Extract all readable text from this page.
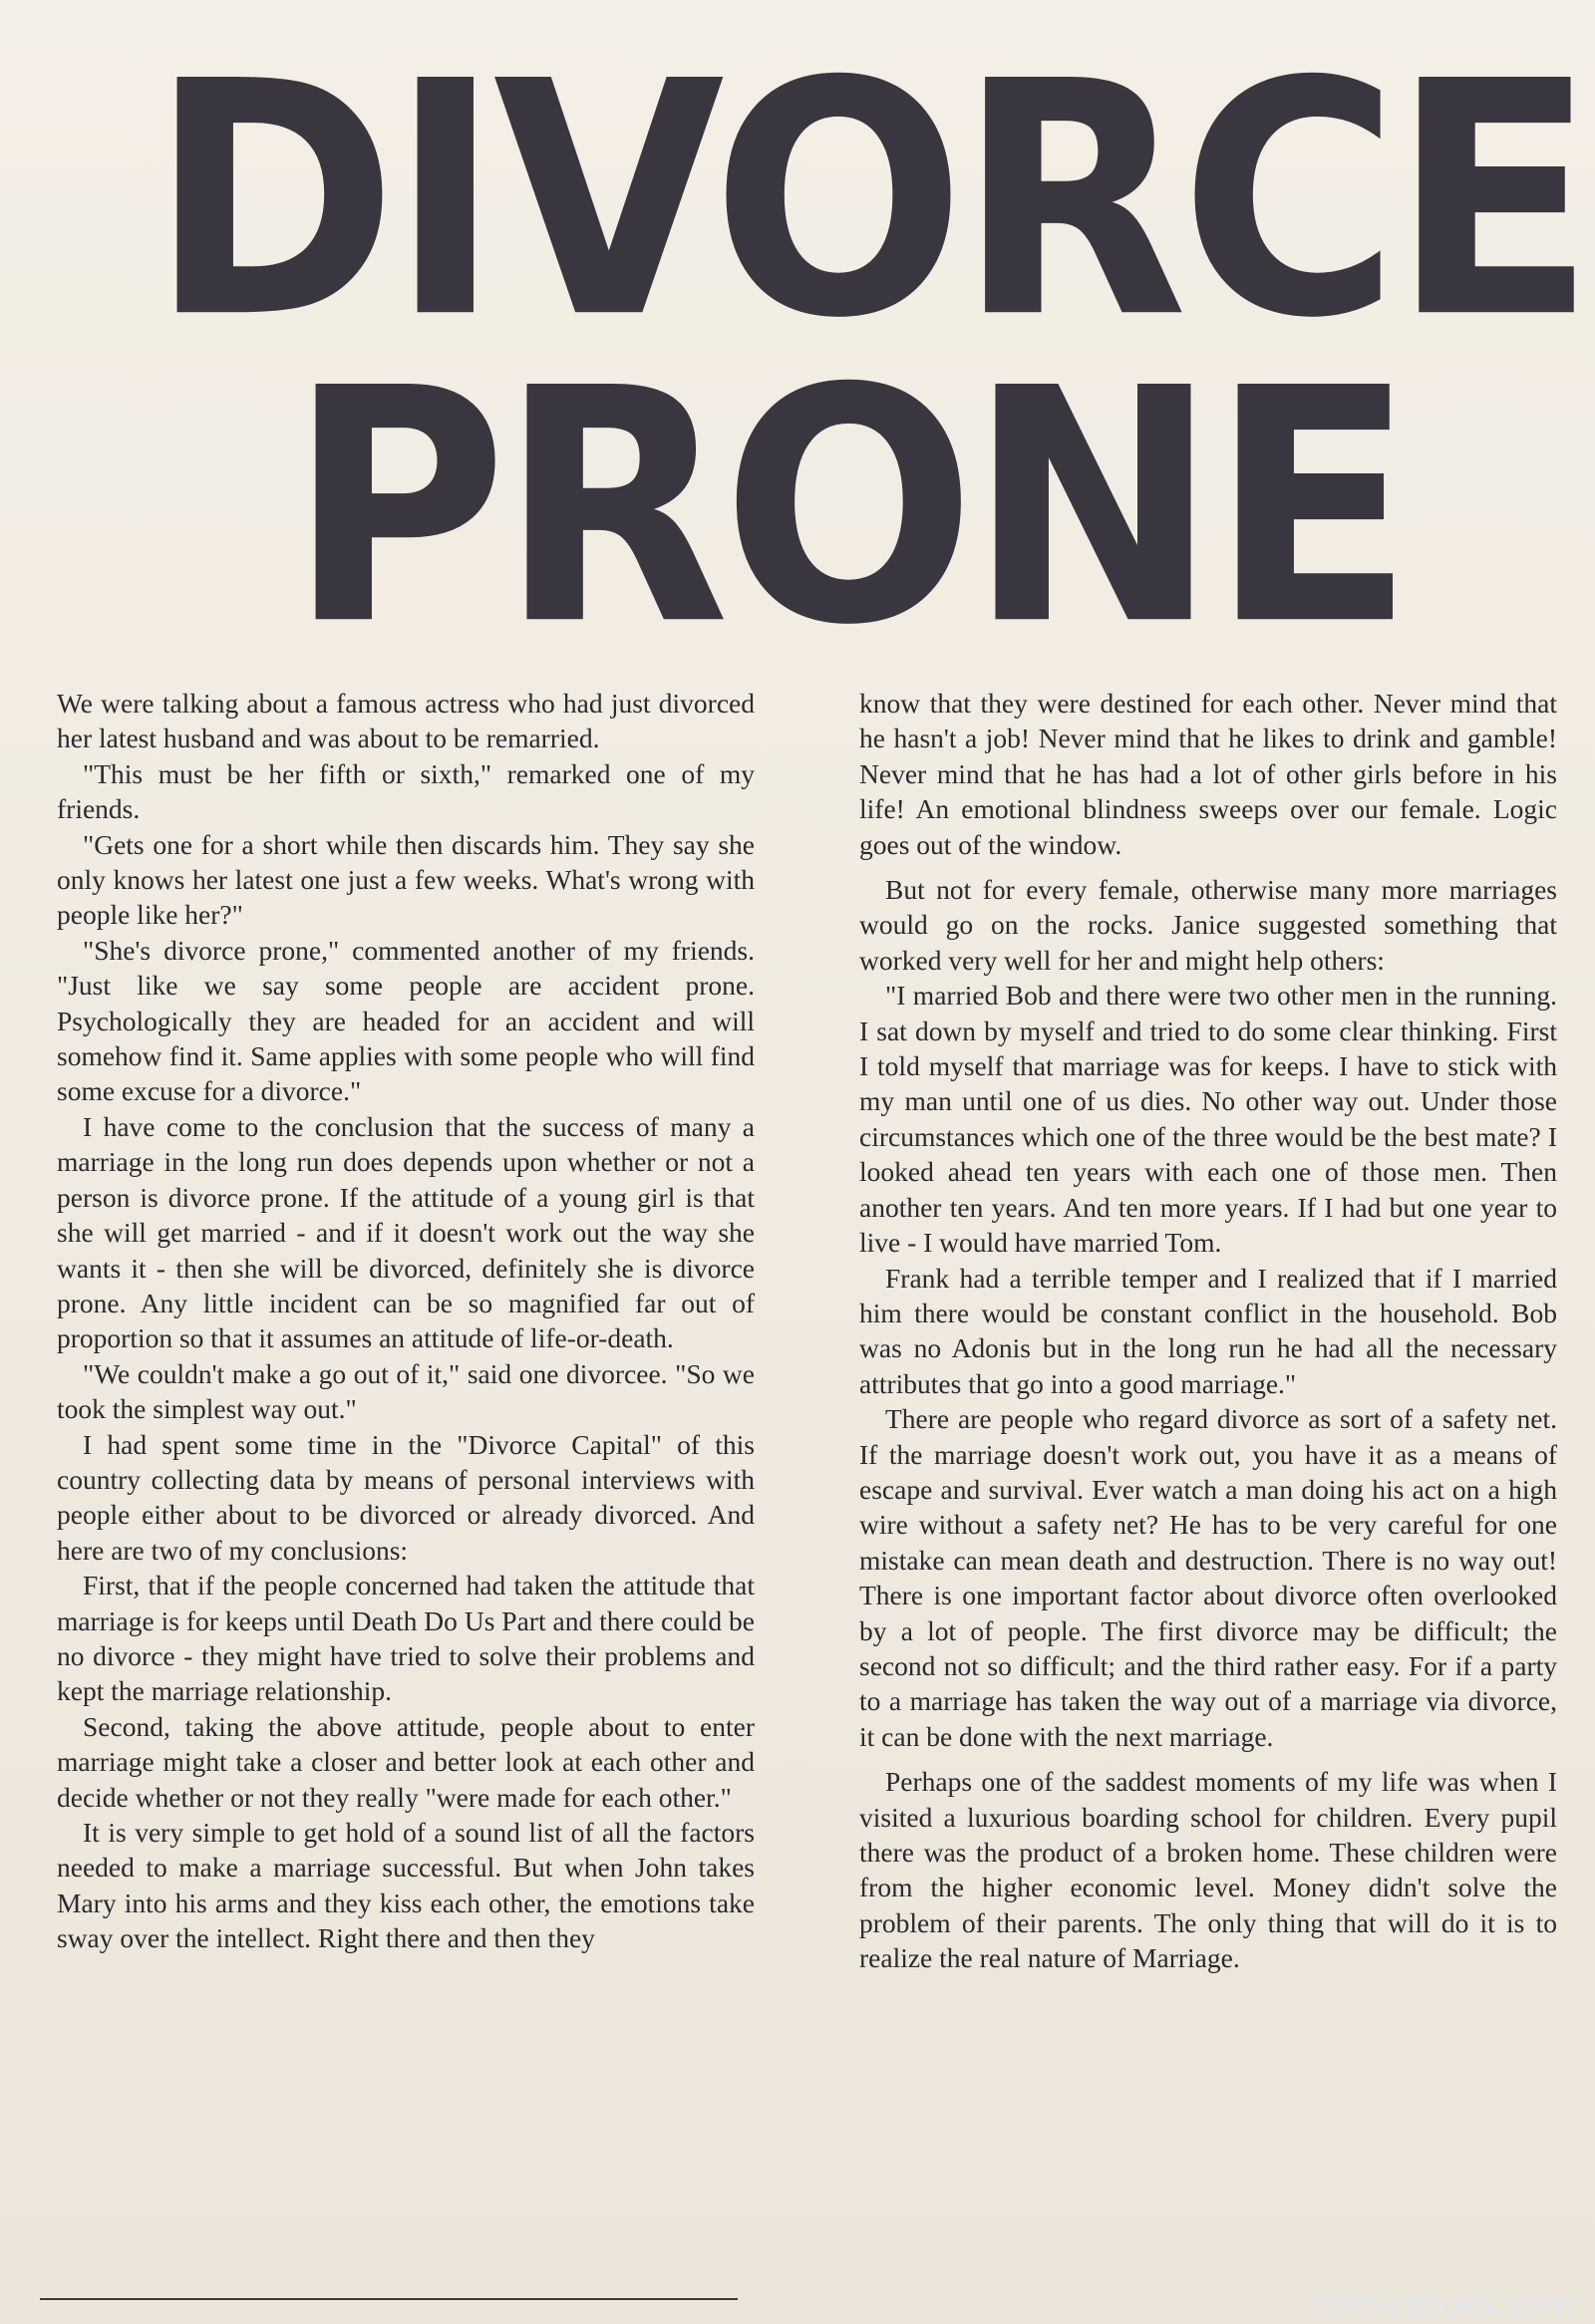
DIVORCE
PRONE

We were talking about a famous actress who had just divorced her latest husband and was about to be remarried.

"This must be her fifth or sixth," remarked one of my friends.

"Gets one for a short while then discards him. They say she only knows her latest one just a few weeks. What's wrong with people like her?"

"She's divorce prone," commented another of my friends. "Just like we say some people are accident prone. Psychologically they are headed for an accident and will somehow find it. Same applies with some people who will find some excuse for a divorce."

I have come to the conclusion that the success of many a marriage in the long run does depends upon whether or not a person is divorce prone. If the attitude of a young girl is that she will get married - and if it doesn't work out the way she wants it - then she will be divorced, definitely she is divorce prone. Any little incident can be so magnified far out of proportion so that it assumes an attitude of life-or-death.

"We couldn't make a go out of it," said one divorcee. "So we took the simplest way out."

I had spent some time in the "Divorce Capital" of this country collecting data by means of personal interviews with people either about to be divorced or already divorced. And here are two of my conclusions:

First, that if the people concerned had taken the attitude that marriage is for keeps until Death Do Us Part and there could be no divorce - they might have tried to solve their problems and kept the marriage relationship.

Second, taking the above attitude, people about to enter marriage might take a closer and better look at each other and decide whether or not they really "were made for each other."

It is very simple to get hold of a sound list of all the factors needed to make a marriage successful. But when John takes Mary into his arms and they kiss each other, the emotions take sway over the intellect. Right there and then they

know that they were destined for each other. Never mind that he hasn't a job! Never mind that he likes to drink and gamble! Never mind that he has had a lot of other girls before in his life! An emotional blindness sweeps over our female. Logic goes out of the window.

But not for every female, otherwise many more marriages would go on the rocks. Janice suggested something that worked very well for her and might help others:

"I married Bob and there were two other men in the running. I sat down by myself and tried to do some clear thinking. First I told myself that marriage was for keeps. I have to stick with my man until one of us dies. No other way out. Under those circumstances which one of the three would be the best mate? I looked ahead ten years with each one of those men. Then another ten years. And ten more years. If I had but one year to live - I would have married Tom.

Frank had a terrible temper and I realized that if I married him there would be constant conflict in the household. Bob was no Adonis but in the long run he had all the necessary attributes that go into a good marriage."

There are people who regard divorce as sort of a safety net. If the marriage doesn't work out, you have it as a means of escape and survival. Ever watch a man doing his act on a high wire without a safety net? He has to be very careful for one mistake can mean death and destruction. There is no way out! There is one important factor about divorce often overlooked by a lot of people. The first divorce may be difficult; the second not so difficult; and the third rather easy. For if a party to a marriage has taken the way out of a marriage via divorce, it can be done with the next marriage.

Perhaps one of the saddest moments of my life was when I visited a luxurious boarding school for children. Every pupil there was the product of a broken home. These children were from the higher economic level. Money didn't solve the problem of their parents. The only thing that will do it is to realize the real nature of Marriage.

comicbooks.com
